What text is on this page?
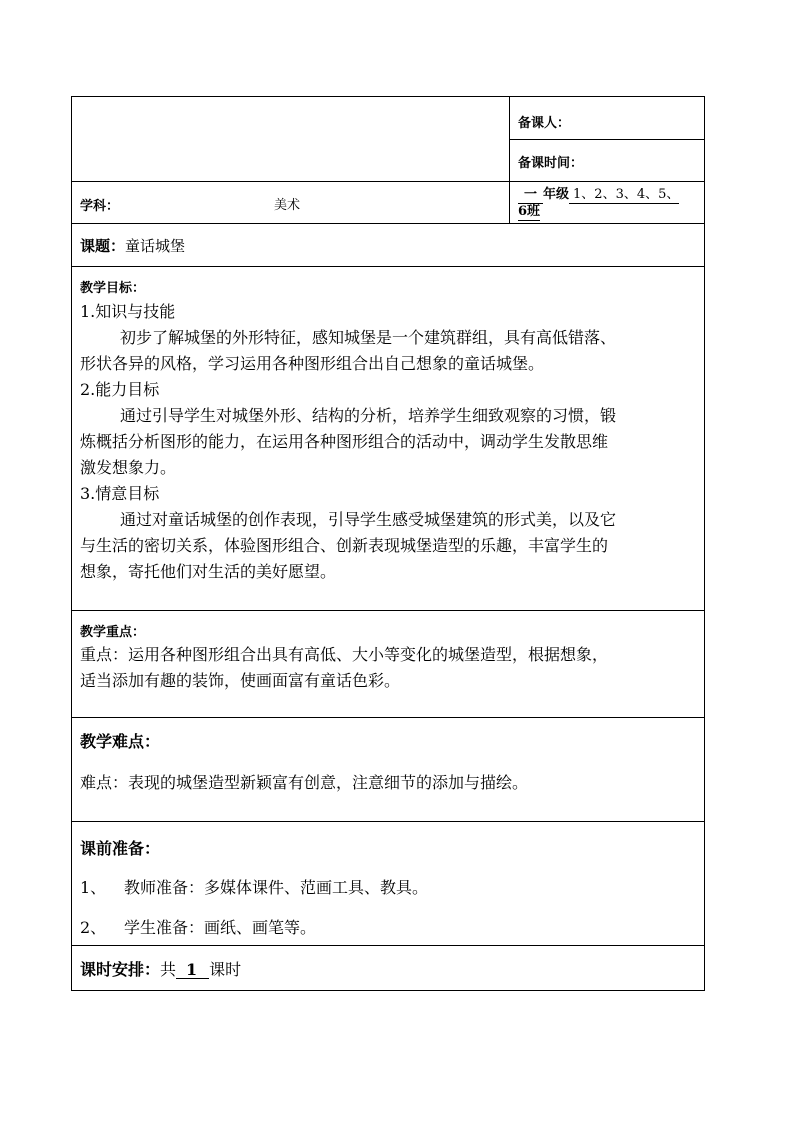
备课人：
备课时间：
学科：	美术
一 年级 1、2、3、4、5、
6班
课题：童话城堡
教学目标：
1.知识与技能
初步了解城堡的外形特征，感知城堡是一个建筑群组，具有高低错落、
形状各异的风格，学习运用各种图形组合出自己想象的童话城堡。
2.能力目标
通过引导学生对城堡外形、结构的分析，培养学生细致观察的习惯，锻
炼概括分析图形的能力，在运用各种图形组合的活动中，调动学生发散思维
激发想象力。
3.情意目标
通过对童话城堡的创作表现，引导学生感受城堡建筑的形式美，以及它
与生活的密切关系，体验图形组合、创新表现城堡造型的乐趣，丰富学生的
想象，寄托他们对生活的美好愿望。
教学重点：
重点：运用各种图形组合出具有高低、大小等变化的城堡造型，根据想象，
适当添加有趣的装饰，使画面富有童话色彩。
教学难点：
难点：表现的城堡造型新颖富有创意，注意细节的添加与描绘。
课前准备：
1、 教师准备：多媒体课件、范画工具、教具。
2、 学生准备：画纸、画笔等。
课时安排：共 1 课时
